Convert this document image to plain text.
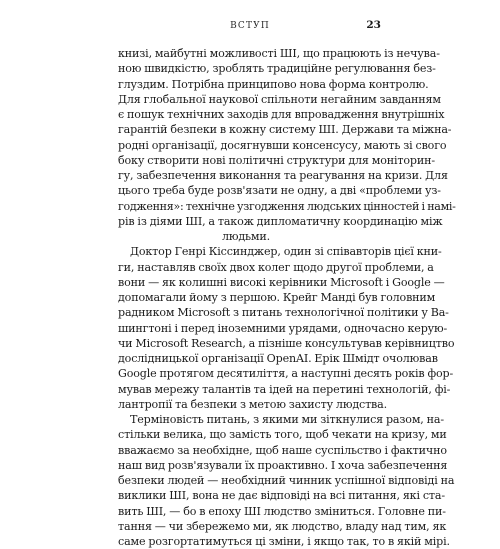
ВСТУП	23
книзі, майбутні можливості ШІ, що працюють із нечува-
ною швидкістю, зроблять традиційне регулювання без-
глуздим. Потрібна принципово нова форма контролю.
Для глобальної наукової спільноти негайним завданням
є пошук технічних заходів для впровадження внутрішніх
гарантій безпеки в кожну систему ШІ. Держави та міжна-
родні організації, досягнувши консенсусу, мають зі свого
боку створити нові політичні структури для моніторин-
гу, забезпечення виконання та реагування на кризи. Для
цього треба буде розв'язати не одну, а дві «проблеми уз-
годження»: технічне узгодження людських цінностей і намі-
рів із діями ШІ, а також дипломатичну координацію між
людьми.
Доктор Генрі Кіссинджер, один зі співавторів цієї кни-
ги, наставляв своїх двох колег щодо другої проблеми, а
вони — як колишні високі керівники Microsoft і Google —
допомагали йому з першою. Крейг Манді був головним
радником Microsoft з питань технологічної політики у Ва-
шингтоні і перед іноземними урядами, одночасно керую-
чи Microsoft Research, а пізніше консультував керівництво
дослідницької організації OpenAI. Ерік Шмідт очолював
Google протягом десятиліття, а наступні десять років фор-
мував мережу талантів та ідей на перетині технологій, фі-
лантропії та безпеки з метою захисту людства.
Терміновість питань, з якими ми зіткнулися разом, на-
стільки велика, що замість того, щоб чекати на кризу, ми
вважаємо за необхідне, щоб наше суспільство і фактично
наш вид розв'язували їх проактивно. І хоча забезпечення
безпеки людей — необхідний чинник успішної відповіді на
виклики ШІ, вона не дає відповіді на всі питання, які ста-
вить ШІ, — бо в епоху ШІ людство зміниться. Головне пи-
тання — чи збережемо ми, як людство, владу над тим, як
саме розгортатимуться ці зміни, і якщо так, то в якій мірі.
